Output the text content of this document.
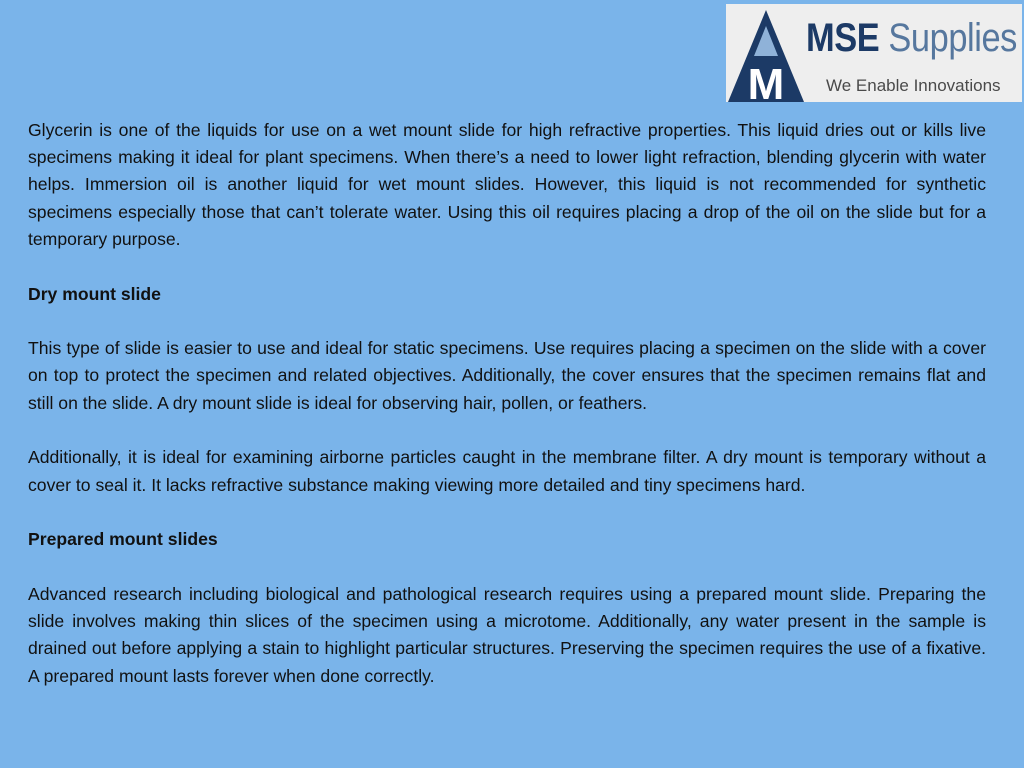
M
MSE Supplies
We Enable Innovations

Glycerin is one of the liquids for use on a wet mount slide for high refractive properties. This liquid dries out or kills live specimens making it ideal for plant specimens. When there’s a need to lower light refraction, blending glycerin with water helps. Immersion oil is another liquid for wet mount slides. However, this liquid is not recommended for synthetic specimens especially those that can’t tolerate water. Using this oil requires placing a drop of the oil on the slide but for a temporary purpose.

Dry mount slide

This type of slide is easier to use and ideal for static specimens. Use requires placing a specimen on the slide with a cover on top to protect the specimen and related objectives. Additionally, the cover ensures that the specimen remains flat and still on the slide. A dry mount slide is ideal for observing hair, pollen, or feathers.

Additionally, it is ideal for examining airborne particles caught in the membrane filter. A dry mount is temporary without a cover to seal it. It lacks refractive substance making viewing more detailed and tiny specimens hard.

Prepared mount slides

Advanced research including biological and pathological research requires using a prepared mount slide. Preparing the slide involves making thin slices of the specimen using a microtome. Additionally, any water present in the sample is drained out before applying a stain to highlight particular structures. Preserving the specimen requires the use of a fixative. A prepared mount lasts forever when done correctly.
